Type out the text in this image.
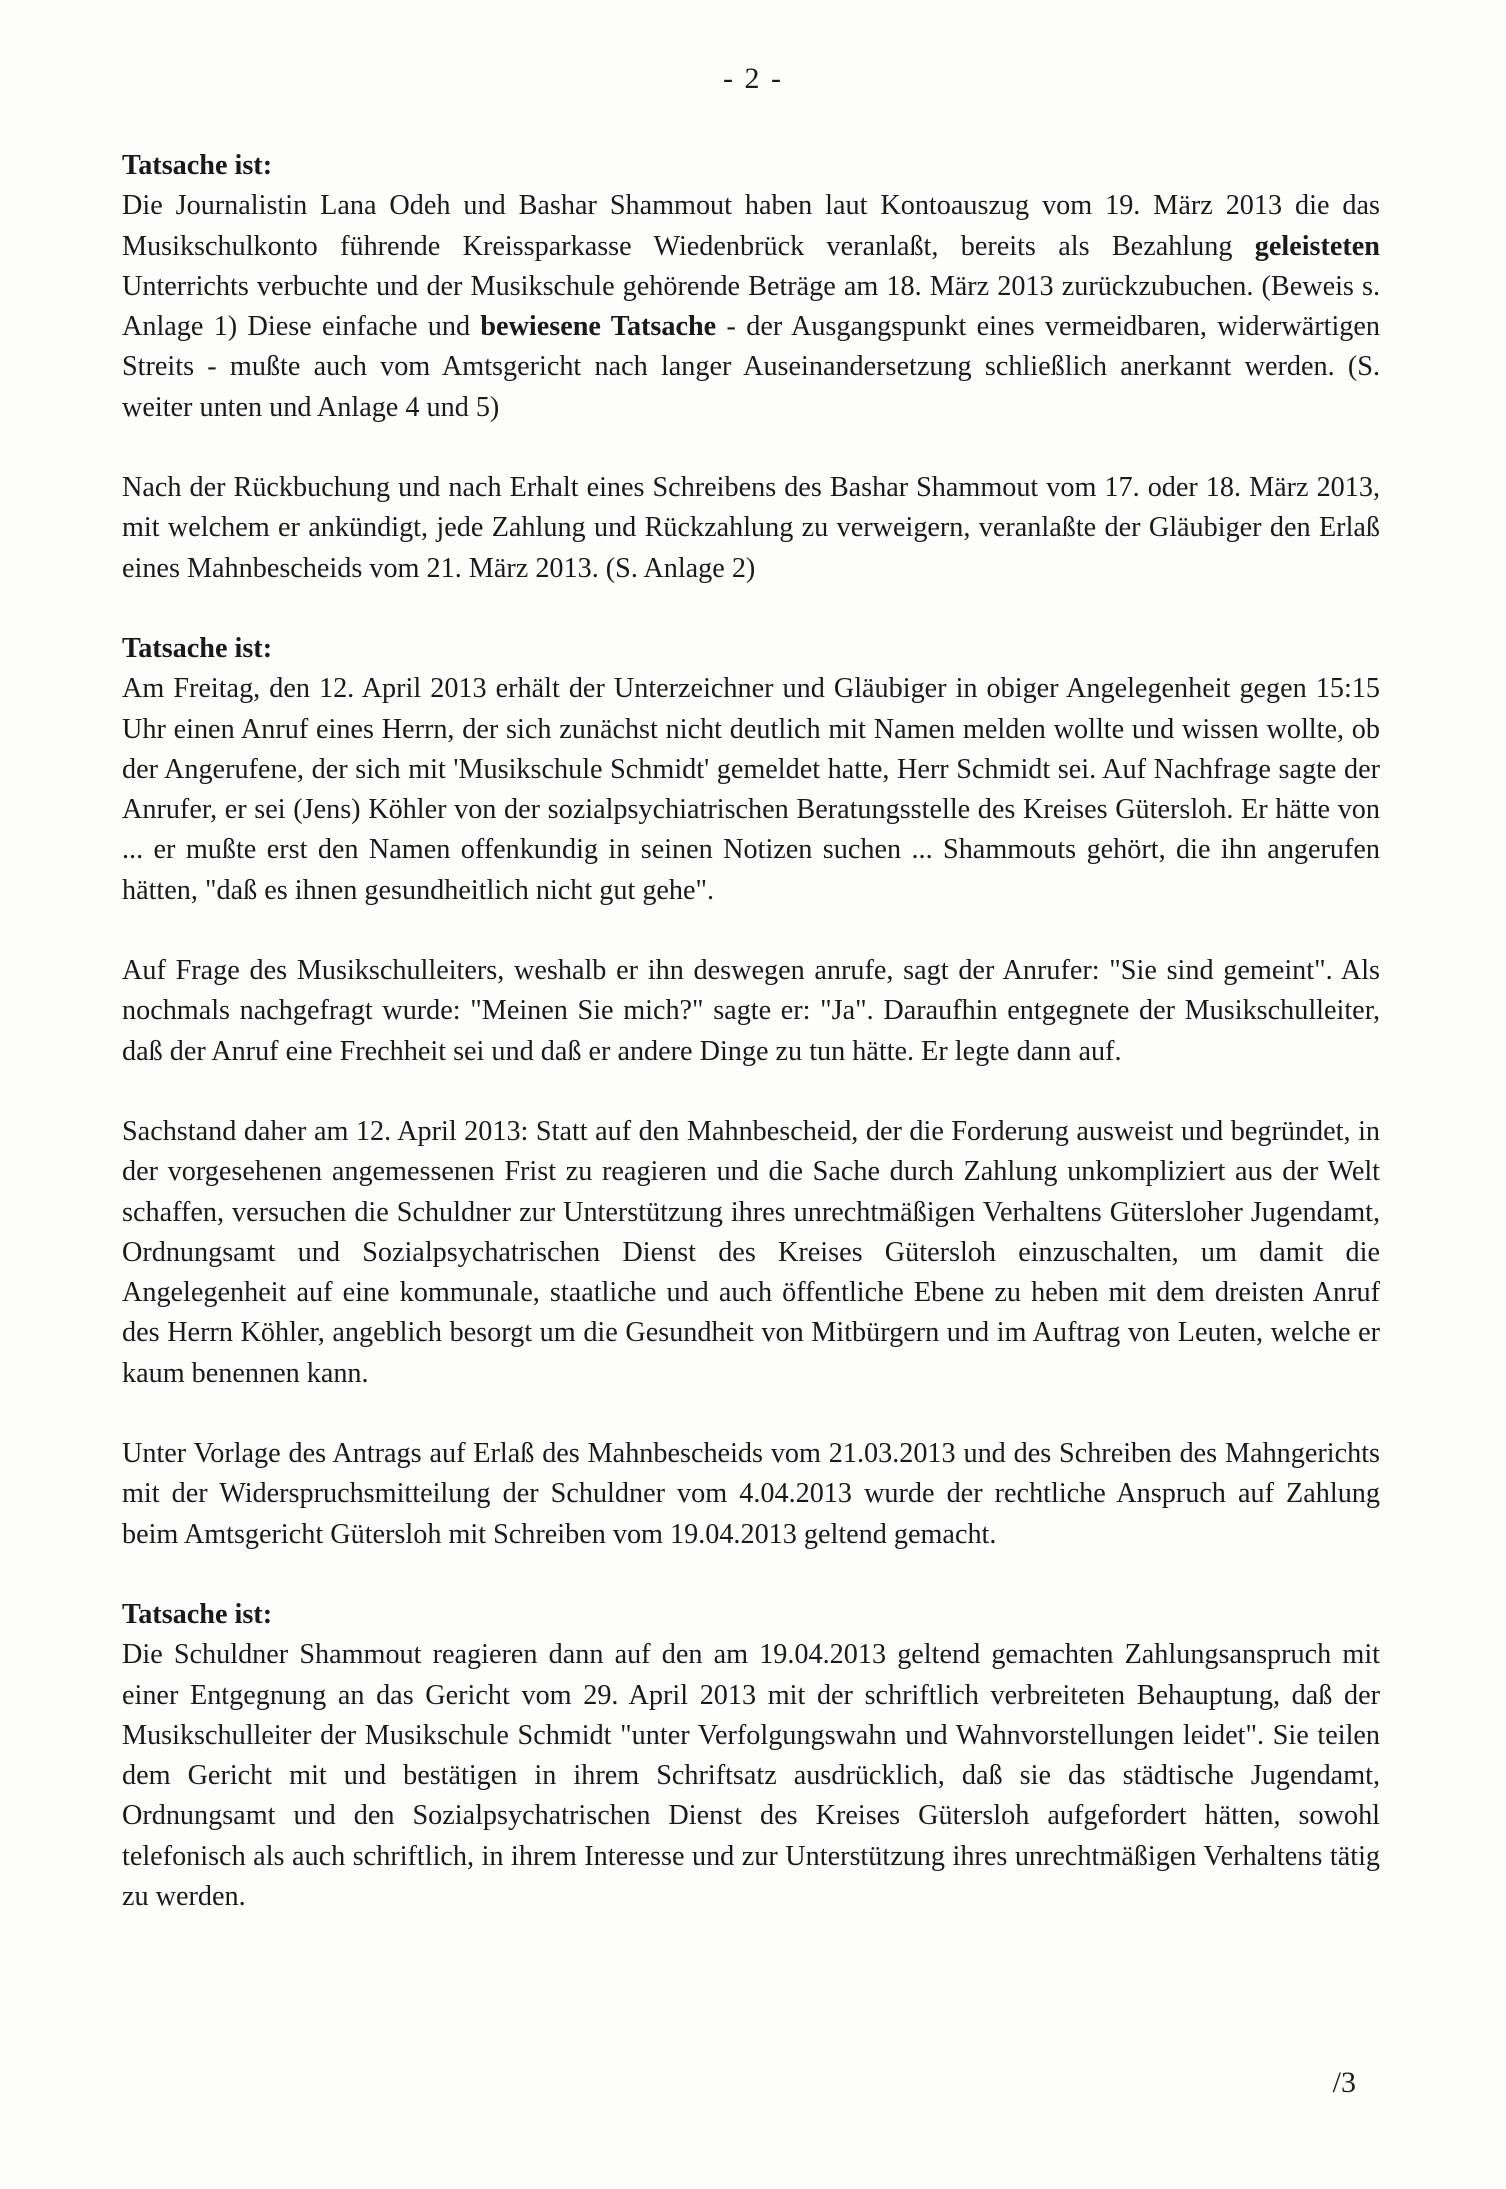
- 2 -
Tatsache ist:
Die Journalistin Lana Odeh und Bashar Shammout haben laut Kontoauszug vom 19. März 2013 die das Musikschulkonto führende Kreissparkasse Wiedenbrück veranlaßt, bereits als Bezahlung geleisteten Unterrichts verbuchte und der Musikschule gehörende Beträge am 18. März 2013 zurückzubuchen. (Beweis s. Anlage 1) Diese einfache und bewiesene Tatsache - der Ausgangspunkt eines vermeidbaren, widerwärtigen Streits - mußte auch vom Amtsgericht nach langer Auseinandersetzung schließlich anerkannt werden. (S. weiter unten und Anlage 4 und 5)
Nach der Rückbuchung und nach Erhalt eines Schreibens des Bashar Shammout vom 17. oder 18. März 2013, mit welchem er ankündigt, jede Zahlung und Rückzahlung zu verweigern, veranlaßte der Gläubiger den Erlaß eines Mahnbescheids vom 21. März 2013. (S. Anlage 2)
Tatsache ist:
Am Freitag, den 12. April 2013 erhält der Unterzeichner und Gläubiger in obiger Angelegenheit gegen 15:15 Uhr einen Anruf eines Herrn, der sich zunächst nicht deutlich mit Namen melden wollte und wissen wollte, ob der Angerufene, der sich mit 'Musikschule Schmidt' gemeldet hatte, Herr Schmidt sei. Auf Nachfrage sagte der Anrufer, er sei (Jens) Köhler von der sozialpsychiatrischen Beratungsstelle des Kreises Gütersloh. Er hätte von ... er mußte erst den Namen offenkundig in seinen Notizen suchen ... Shammouts gehört, die ihn angerufen hätten, "daß es ihnen gesundheitlich nicht gut gehe".
Auf Frage des Musikschulleiters, weshalb er ihn deswegen anrufe, sagt der Anrufer: "Sie sind gemeint". Als nochmals nachgefragt wurde: "Meinen Sie mich?" sagte er: "Ja". Daraufhin entgegnete der Musikschulleiter, daß der Anruf eine Frechheit sei und daß er andere Dinge zu tun hätte. Er legte dann auf.
Sachstand daher am 12. April 2013: Statt auf den Mahnbescheid, der die Forderung ausweist und begründet, in der vorgesehenen angemessenen Frist zu reagieren und die Sache durch Zahlung unkompliziert aus der Welt schaffen, versuchen die Schuldner zur Unterstützung ihres unrechtmäßigen Verhaltens Gütersloher Jugendamt, Ordnungsamt und Sozialpsychatrischen Dienst des Kreises Gütersloh einzuschalten, um damit die Angelegenheit auf eine kommunale, staatliche und auch öffentliche Ebene zu heben mit dem dreisten Anruf des Herrn Köhler, angeblich besorgt um die Gesundheit von Mitbürgern und im Auftrag von Leuten, welche er kaum benennen kann.
Unter Vorlage des Antrags auf Erlaß des Mahnbescheids vom 21.03.2013 und des Schreiben des Mahngerichts mit der Widerspruchsmitteilung der Schuldner vom 4.04.2013 wurde der rechtliche Anspruch auf Zahlung beim Amtsgericht Gütersloh mit Schreiben vom 19.04.2013 geltend gemacht.
Tatsache ist:
Die Schuldner Shammout reagieren dann auf den am 19.04.2013 geltend gemachten Zahlungsanspruch mit einer Entgegnung an das Gericht vom 29. April 2013 mit der schriftlich verbreiteten Behauptung, daß der Musikschulleiter der Musikschule Schmidt "unter Verfolgungswahn und Wahnvorstellungen leidet". Sie teilen dem Gericht mit und bestätigen in ihrem Schriftsatz ausdrücklich, daß sie das städtische Jugendamt, Ordnungsamt und den Sozialpsychatrischen Dienst des Kreises Gütersloh aufgefordert hätten, sowohl telefonisch als auch schriftlich, in ihrem Interesse und zur Unterstützung ihres unrechtmäßigen Verhaltens tätig zu werden.
/3
